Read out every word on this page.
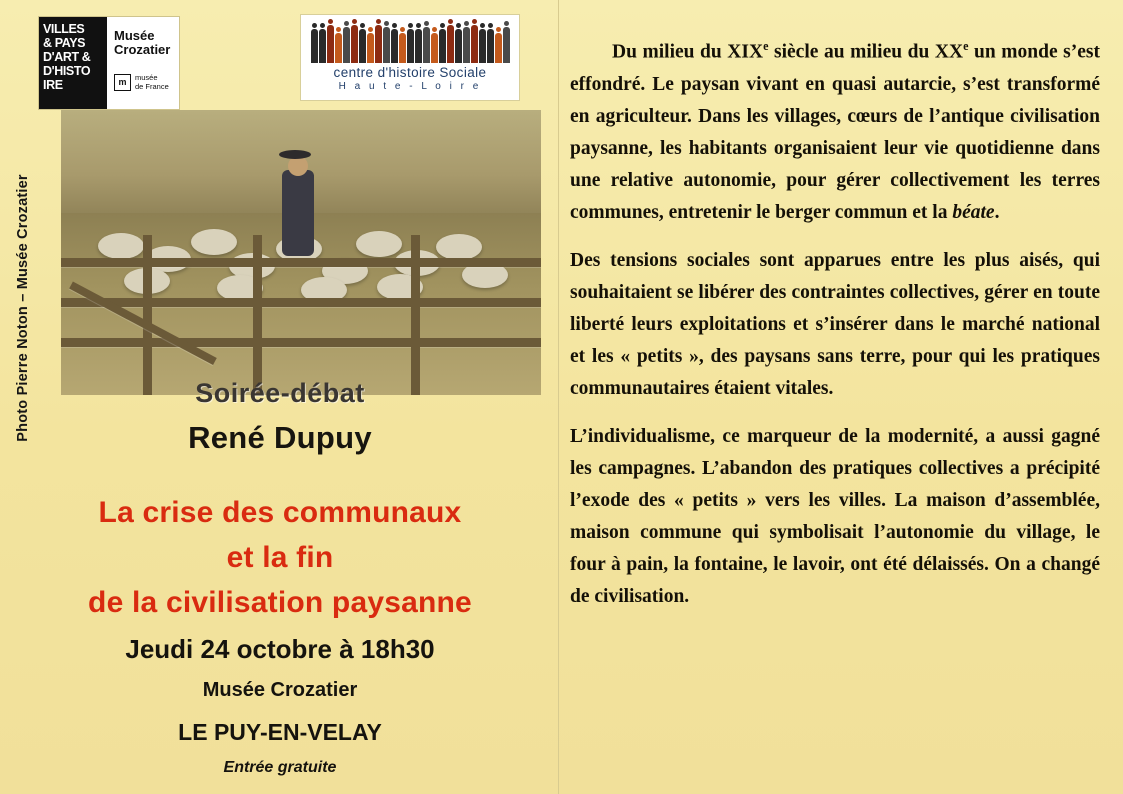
VILLES
& PAYS
D'ART &
D'HISTO
IRE
Musée
Crozatier
m	musée
de France
centre d'histoire Sociale
H a u t e - L o i r e
Photo Pierre Noton – Musée Crozatier	Soirée-débat
René Dupuy
La crise des communaux
et la fin
de la civilisation paysanne
Jeudi 24 octobre à 18h30
Musée Crozatier
LE PUY-EN-VELAY
Entrée gratuite

Du milieu du XIXe siècle au milieu du XXe un monde s’est effondré. Le paysan vivant en quasi autarcie, s’est transformé en agriculteur. Dans les villages, cœurs de l’antique civilisation paysanne, les habitants organisaient leur vie quotidienne dans une relative autonomie, pour gérer collectivement les terres communes, entretenir le berger commun et la béate.

Des tensions sociales sont apparues entre les plus aisés, qui souhaitaient se libérer des contraintes collectives, gérer en toute liberté leurs exploitations et s’insérer dans le marché national et les « petits », des paysans sans terre, pour qui les pratiques communautaires étaient vitales.

L’individualisme, ce marqueur de la modernité, a aussi gagné les campagnes. L’abandon des pratiques collectives a précipité l’exode des « petits » vers les villes. La maison d’assemblée, maison commune qui symbolisait l’autonomie du village, le four à pain, la fontaine, le lavoir, ont été délaissés. On a changé de civilisation.
